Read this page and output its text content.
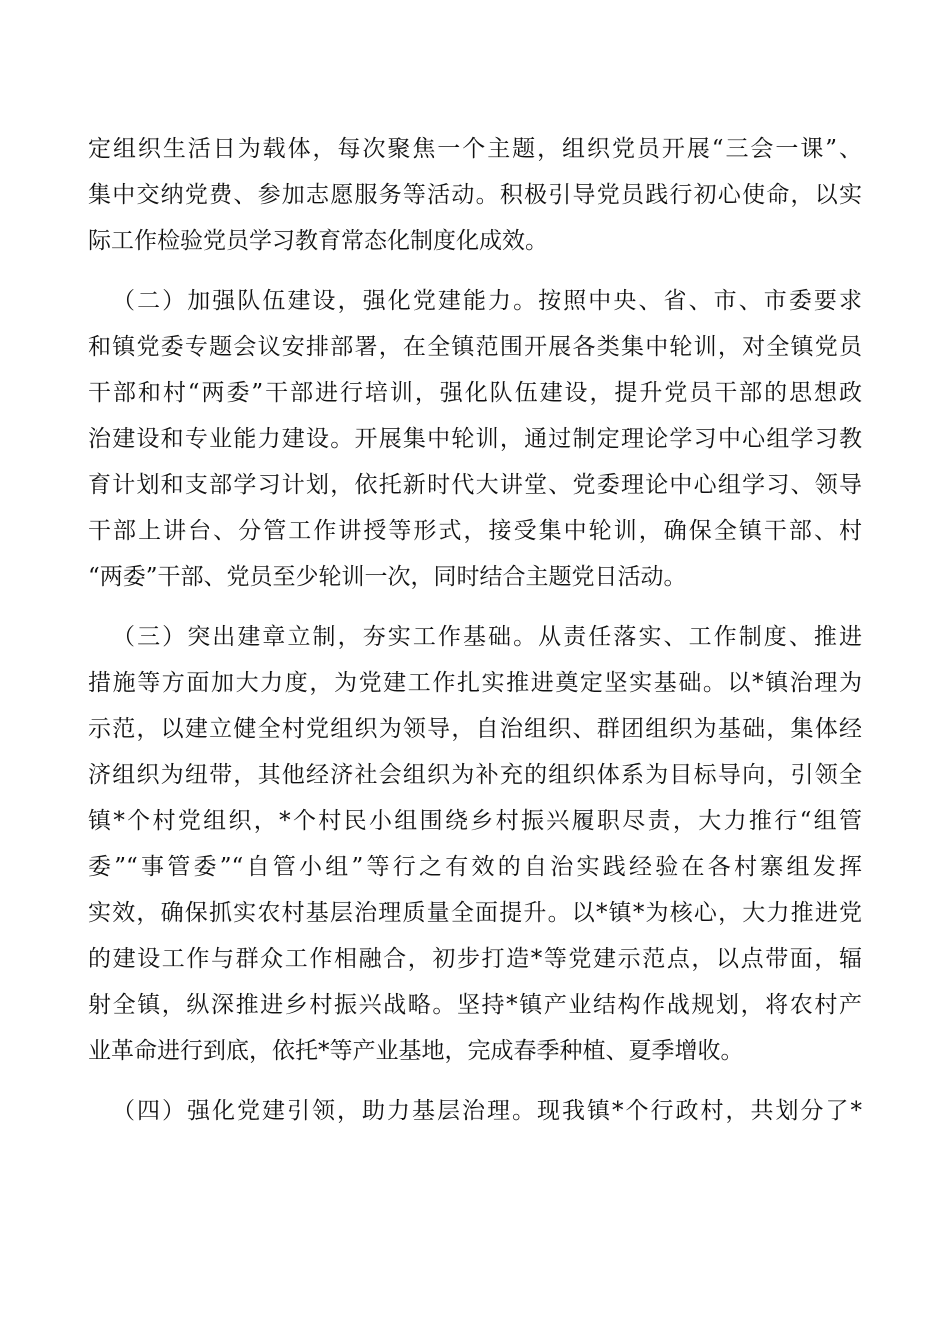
定组织生活日为载体，每次聚焦一个主题，组织党员开展“三会一课”、
集中交纳党费、参加志愿服务等活动。积极引导党员践行初心使命，以实
际工作检验党员学习教育常态化制度化成效。
（二）加强队伍建设，强化党建能力。按照中央、省、市、市委要求
和镇党委专题会议安排部署，在全镇范围开展各类集中轮训，对全镇党员
干部和村“两委”干部进行培训，强化队伍建设，提升党员干部的思想政
治建设和专业能力建设。开展集中轮训，通过制定理论学习中心组学习教
育计划和支部学习计划，依托新时代大讲堂、党委理论中心组学习、领导
干部上讲台、分管工作讲授等形式，接受集中轮训，确保全镇干部、村
“两委”干部、党员至少轮训一次，同时结合主题党日活动。
（三）突出建章立制，夯实工作基础。从责任落实、工作制度、推进
措施等方面加大力度，为党建工作扎实推进奠定坚实基础。以*镇治理为
示范，以建立健全村党组织为领导，自治组织、群团组织为基础，集体经
济组织为纽带，其他经济社会组织为补充的组织体系为目标导向，引领全
镇*个村党组织，*个村民小组围绕乡村振兴履职尽责，大力推行“组管
委”“事管委”“自管小组”等行之有效的自治实践经验在各村寨组发挥
实效，确保抓实农村基层治理质量全面提升。以*镇*为核心，大力推进党
的建设工作与群众工作相融合，初步打造*等党建示范点，以点带面，辐
射全镇，纵深推进乡村振兴战略。坚持*镇产业结构作战规划，将农村产
业革命进行到底，依托*等产业基地，完成春季种植、夏季增收。
（四）强化党建引领，助力基层治理。现我镇*个行政村，共划分了*
